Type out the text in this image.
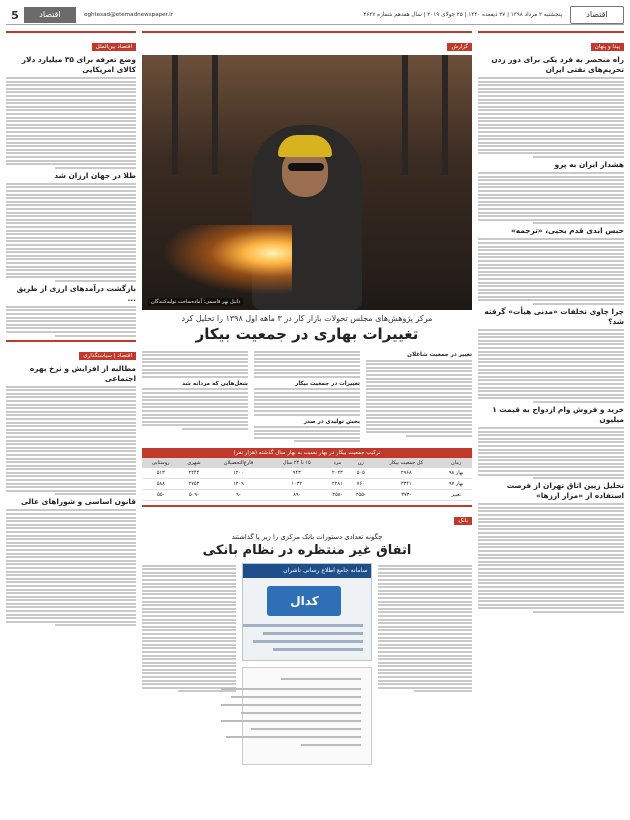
اقتصاد
پنجشنبه ۲ مرداد ۱۳۹۸ | ۲۷ ذیقعده ۱۴۴۰ | ۲۵ جولای ۲۰۱۹ | سال هفدهم شماره ۴۶۲۷
eghtesad@etemadnewspaper.ir
اقتصاد
5
پیدا و پنهان
راه منحصر به فرد یکی برای دور زدن تحریم‌های نفتی ایران
هشدار ایران به پرو
حبس ابدی قدم بحیی، «ترجمه»
چرا چاوی تخلفات «مدنی هیأت» گرفته شد؟
خرید و فروش وام ازدواج به قیمت ۱ میلیون
تحلیل زیین اتاق تهران از فرصت استفاده از «مزار ارزها»
گزارش
دانیل بهر قاسمی: آماده‌ساخت تولیدکنندگان
مرکز پژوهش‌های مجلس تحولات بازار کار در ۳ ماهه اول ۱۳۹۸ را تحلیل کرد
تغییرات بهاری در جمعیت بیکار
تغییر در جمعیت شاغلان
تغییرات در جمعیت بیکار
بخش تولیدی در صدر
شغل‌هایی که مردانه شد
ترکیب جمعیت بیکار در بهار نسبت به بهار سال گذشته (هزار نفر)
زمان	کل جمعیت بیکار	زن	مرد	۱۵ تا ۲۴ سال	فارغ‌التحصیلان	شهری	روستایی
بهار ۹۸	۲۹۶۸	۵۰۵	۲۰۲۳	۹۴۳	۱۲۰۰	۲۲۴۴	۵۱۳
بهار ۹۷	۳۳۴۱	۷۶۰	۲۲۸۱	۱۰۳۲	۱۲۰۹	۲۷۵۳	۵۸۸
تغییر	-۳۷۳	-۲۵۵	-۲۵۸	-۸۹	-۹	-۵۰۹	-۵۵
بانک
چگونه تعدادی دستورات بانک مرکزی را زیر پا گذاشتند
اتفاق غیر منتظره در نظام بانکی
سامانه جامع اطلاع رسانی ناشران
کدال
اقتصاد بین‌الملل
وضع تعرفه برای ۳۵ میلیارد دلار کالای امریکایی
طلا در جهان ارزان شد
بازگشت درآمدهای ارزی از طریق ...
اقتصاد | سیاستگذاری
مطالبه از افزایش و نرخ بهره اجتماعی
قانون اساسی و شوراهای عالی
